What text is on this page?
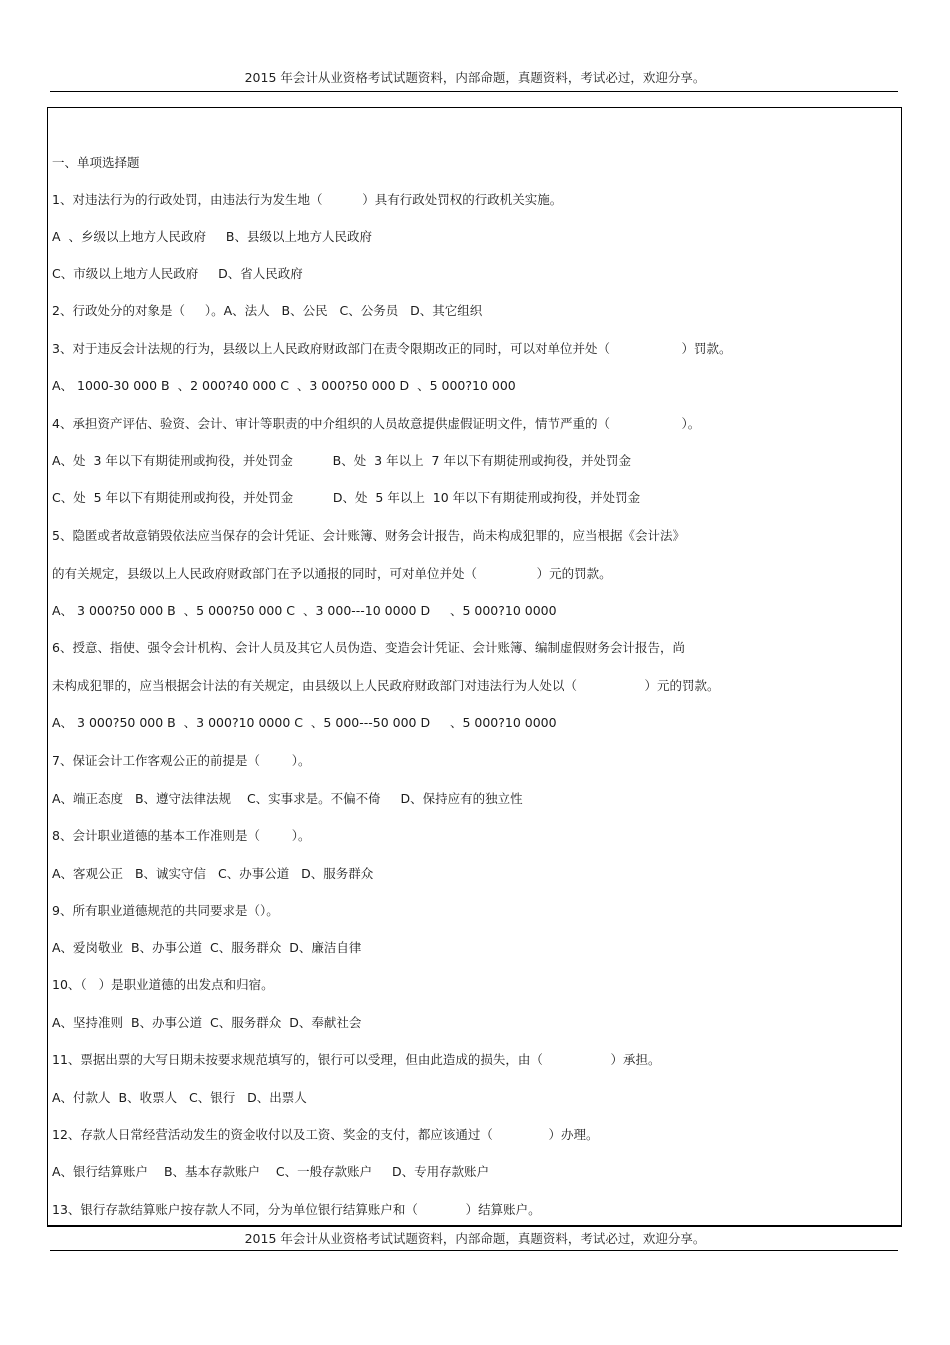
2015 年会计从业资格考试试题资料，内部命题，真题资料，考试必过，欢迎分享。
一、单项选择题
1、对违法行为的行政处罚，由违法行为发生地（          ）具有行政处罚权的行政机关实施。
A  、乡级以上地方人民政府     B、县级以上地方人民政府
C、市级以上地方人民政府     D、省人民政府
2、行政处分的对象是（     ）。A、法人   B、公民   C、公务员   D、其它组织
3、对于违反会计法规的行为，县级以上人民政府财政部门在责令限期改正的同时，可以对单位并处（                  ）罚款。
A、 1000-30 000 B  、2 000?40 000 C  、3 000?50 000 D  、5 000?10 000
4、承担资产评估、验资、会计、审计等职责的中介组织的人员故意提供虚假证明文件，情节严重的（                  ）。
A、处  3 年以下有期徒刑或拘役，并处罚金          B、处  3 年以上  7 年以下有期徒刑或拘役，并处罚金
C、处  5 年以下有期徒刑或拘役，并处罚金          D、处  5 年以上  10 年以下有期徒刑或拘役，并处罚金
5、隐匿或者故意销毁依法应当保存的会计凭证、会计账簿、财务会计报告，尚未构成犯罪的，应当根据《会计法》
的有关规定，县级以上人民政府财政部门在予以通报的同时，可对单位并处（               ）元的罚款。
A、 3 000?50 000 B  、5 000?50 000 C  、3 000---10 0000 D     、5 000?10 0000
6、授意、指使、强令会计机构、会计人员及其它人员伪造、变造会计凭证、会计账簿、编制虚假财务会计报告，尚
未构成犯罪的，应当根据会计法的有关规定，由县级以上人民政府财政部门对违法行为人处以（                 ）元的罚款。
A、 3 000?50 000 B  、3 000?10 0000 C  、5 000---50 000 D     、5 000?10 0000
7、保证会计工作客观公正的前提是（        ）。
A、端正态度   B、遵守法律法规    C、实事求是。不偏不倚     D、保持应有的独立性
8、会计职业道德的基本工作准则是（        ）。
A、客观公正   B、诚实守信   C、办事公道   D、服务群众
9、所有职业道德规范的共同要求是（）。
A、爱岗敬业  B、办事公道  C、服务群众  D、廉洁自律
10、（   ）是职业道德的出发点和归宿。
A、坚持准则  B、办事公道  C、服务群众  D、奉献社会
11、票据出票的大写日期未按要求规范填写的，银行可以受理，但由此造成的损失，由（                 ）承担。
A、付款人  B、收票人   C、银行   D、出票人
12、存款人日常经营活动发生的资金收付以及工资、奖金的支付，都应该通过（              ）办理。
A、银行结算账户    B、基本存款账户    C、一般存款账户     D、专用存款账户
13、银行存款结算账户按存款人不同，分为单位银行结算账户和（            ）结算账户。
2015 年会计从业资格考试试题资料，内部命题，真题资料，考试必过，欢迎分享。
